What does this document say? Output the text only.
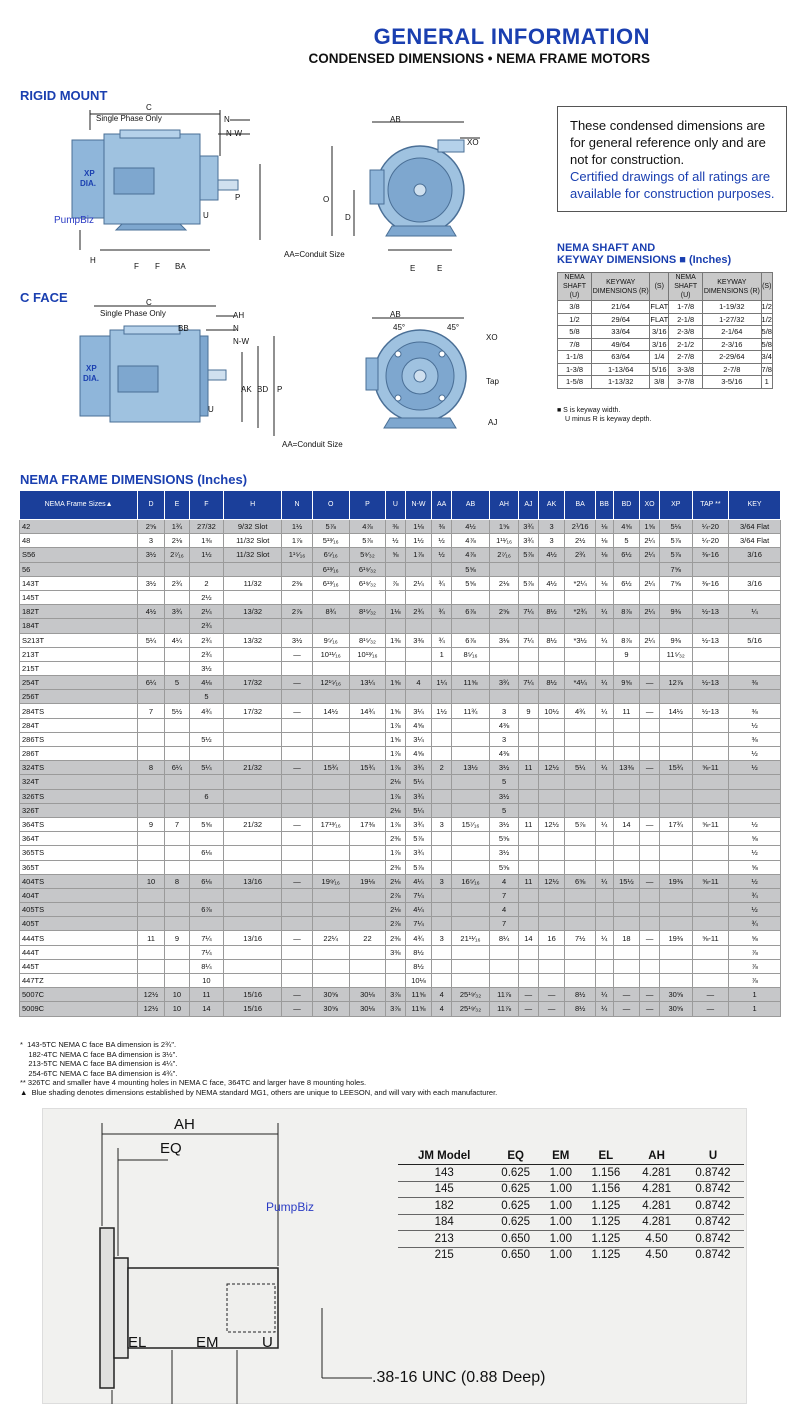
GENERAL INFORMATION
CONDENSED DIMENSIONS • NEMA FRAME MOTORS
RIGID MOUNT
Single Phase Only
C
N
N-W
XP
DIA.
PumpBiz
P
U
H
F F BA
AB
XO
O
D
E	E
AA=Conduit Size
These condensed dimensions are for general reference only and are not for construction.
Certified drawings of all ratings are available for construction purposes.
NEMA SHAFT AND
KEYWAY DIMENSIONS ■ (Inches)
NEMA SHAFT (U)	KEYWAY DIMENSIONS (R)	(S)	NEMA SHAFT (U)	KEYWAY DIMENSIONS (R)	(S)
3/8	21/64	FLAT	1-7/8	1-19/32	1/2
1/2	29/64	FLAT	2-1/8	1-27/32	1/2
5/8	33/64	3/16	2-3/8	2-1/64	5/8
7/8	49/64	3/16	2-1/2	2-3/16	5/8
1-1/8	63/64	1/4	2-7/8	2-29/64	3/4
1-3/8	1-13/64	5/16	3-3/8	2-7/8	7/8
1-5/8	1-13/32	3/8	3-7/8	3-5/16	1
■ S is keyway width.
U minus R is keyway depth.
C FACE	C
Single Phase Only	AH
BB	N
N-W
XP
DIA.
U
AK BD P
AB
45°	45°
XO
Tap
AJ
AA=Conduit Size
NEMA FRAME DIMENSIONS (Inches)
NEMA Frame Sizes▲	D	E	F	H	N	O	P	U	N-W	AA	AB	AH	AJ	AK	BA	BB	BD	XO	XP	TAP **	KEY
42	2⅝	1¾	27/32	9/32 Slot	1½	5⅞	4⅞	⅜	1⅛	⅜	4½	1⅝	3¾	3	2⅟16	⅛	4⅝	1⅝	5⅛	¼-20	3/64 Flat
48	3	2⅛	1⅜	11/32 Slot	1⅞	5¹³⁄₁₆	5⅞	½	1½	½	4⅞	1¹¹⁄₁₆	3¾	3	2½	⅛	5	2¼	5⅞	¼-20	3/64 Flat
S56	3½	2⁷⁄₁₆	1½	11/32 Slot	1¹⁵⁄₁₆	6⁵⁄₁₆	5⁹⁄₃₂	⅝	1⅞	½	4⅞	2⁷⁄₁₆	5⅞	4½	2¾	⅛	6½	2¼	5⅞	⅜-16	3/16
56						6¹³⁄₁₆	6¹⁹⁄₃₂				5⅝								7⅝		
143T	3½	2¾	2	11/32	2⅜	6¹³⁄₁₆	6¹⁹⁄₃₂	⅞	2¼	¾	5⅝	2⅛	5⅞	4½	*2¼	⅛	6½	2¼	7⅝	⅜-16	3/16
145T			2½																		
182T	4½	3¾	2¼	13/32	2⅞	8¾	8¹⁵⁄₃₂	1⅛	2¾	¾	6⅞	2⅝	7¼	8½	*2¾	¼	8⅞	2¼	9⅜	½-13	¼
184T			2¾																		
S213T	5¼	4¼	2¾	13/32	3½	9⁵⁄₁₆	8¹⁵⁄₃₂	1⅜	3⅜	¾	6⅞	3⅛	7¼	8½	*3½	¼	8⅞	2¼	9⅜	½-13	5/16
213T			2¾		—	10¹¹⁄₁₆	10¹³⁄₁₆			1	8⁵⁄₁₆						9		11⁵⁄₃₂		
215T			3½																		
254T	6¼	5	4⅛	17/32	—	12¹⁵⁄₁₆	13¼	1⅝	4	1¼	11⅝	3¾	7¼	8½	*4¼	¼	9⅝	—	12⅞	½-13	⅜
256T			5																		
284TS	7	5½	4¾	17/32	—	14½	14¾	1⅝	3¼	1½	11¾	3	9	10½	4¾	¼	11	—	14½	½-13	⅜
284T								1⅞	4⅝			4⅜									½
286TS			5½					1⅝	3¼			3									⅜
286T								1⅞	4⅝			4⅜									½
324TS	8	6¼	5¼	21/32	—	15¾	15¾	1⅞	3¾	2	13½	3½	11	12½	5¼	¼	13⅜	—	15¾	⅝-11	½
324T								2⅛	5¼			5									
326TS			6					1⅞	3¾			3½									
326T								2⅛	5¼			5									
364TS	9	7	5⅝	21/32	—	17¹³⁄₁₆	17⅜	1⅞	3¾	3	15⁷⁄₁₆	3½	11	12½	5⅞	¼	14	—	17¾	⅝-11	½
364T								2⅜	5⅞			5⅝									⅝
365TS			6⅛					1⅞	3¾			3½									½
365T								2⅜	5⅞			5⅝									⅝
404TS	10	8	6⅛	13/16	—	19⁹⁄₁₆	19⅛	2⅛	4¼	3	16⁵⁄₁₆	4	11	12½	6⅝	¼	15½	—	19⅜	⅝-11	½
404T								2⅞	7¼			7									¾
405TS			6⅞					2⅛	4¼			4									½
405T								2⅞	7¼			7									¾
444TS	11	9	7¼	13/16	—	22¼	22	2⅜	4¾	3	21¹¹⁄₁₆	8¼	14	16	7½	¼	18	—	19⅜	⅝-11	⅝
444T			7¼					3⅜	8½												⅞
445T			8¼						8½												⅞
447TZ			10						10⅛												⅞
5007C	12½	10	11	15/16	—	30⅝	30⅛	3⅞	11⅝	4	25¹⁹⁄₃₂	11⅞	—	—	8½	¼	—	—	30⅝	—	1
5009C	12½	10	14	15/16	—	30⅝	30⅛	3⅞	11⅝	4	25¹⁹⁄₃₂	11⅞	—	—	8½	¼	—	—	30⅝	—	1
*  143-5TC NEMA C face BA dimension is 2¾".
182-4TC NEMA C face BA dimension is 3½".
213-5TC NEMA C face BA dimension is 4¼".
254-6TC NEMA C face BA dimension is 4¾".
** 326TC and smaller have 4 mounting holes in NEMA C face, 364TC and larger have 8 mounting holes.
▲  Blue shading denotes dimensions established by NEMA standard MG1, others are unique to LEESON, and will vary with each manufacturer.
AH
EQ
PumpBiz
EL	EM	U
.38-16 UNC (0.88 Deep)
JM Model	EQ	EM	EL	AH	U
143	0.625	1.00	1.156	4.281	0.8742
145	0.625	1.00	1.156	4.281	0.8742
182	0.625	1.00	1.125	4.281	0.8742
184	0.625	1.00	1.125	4.281	0.8742
213	0.650	1.00	1.125	4.50	0.8742
215	0.650	1.00	1.125	4.50	0.8742
